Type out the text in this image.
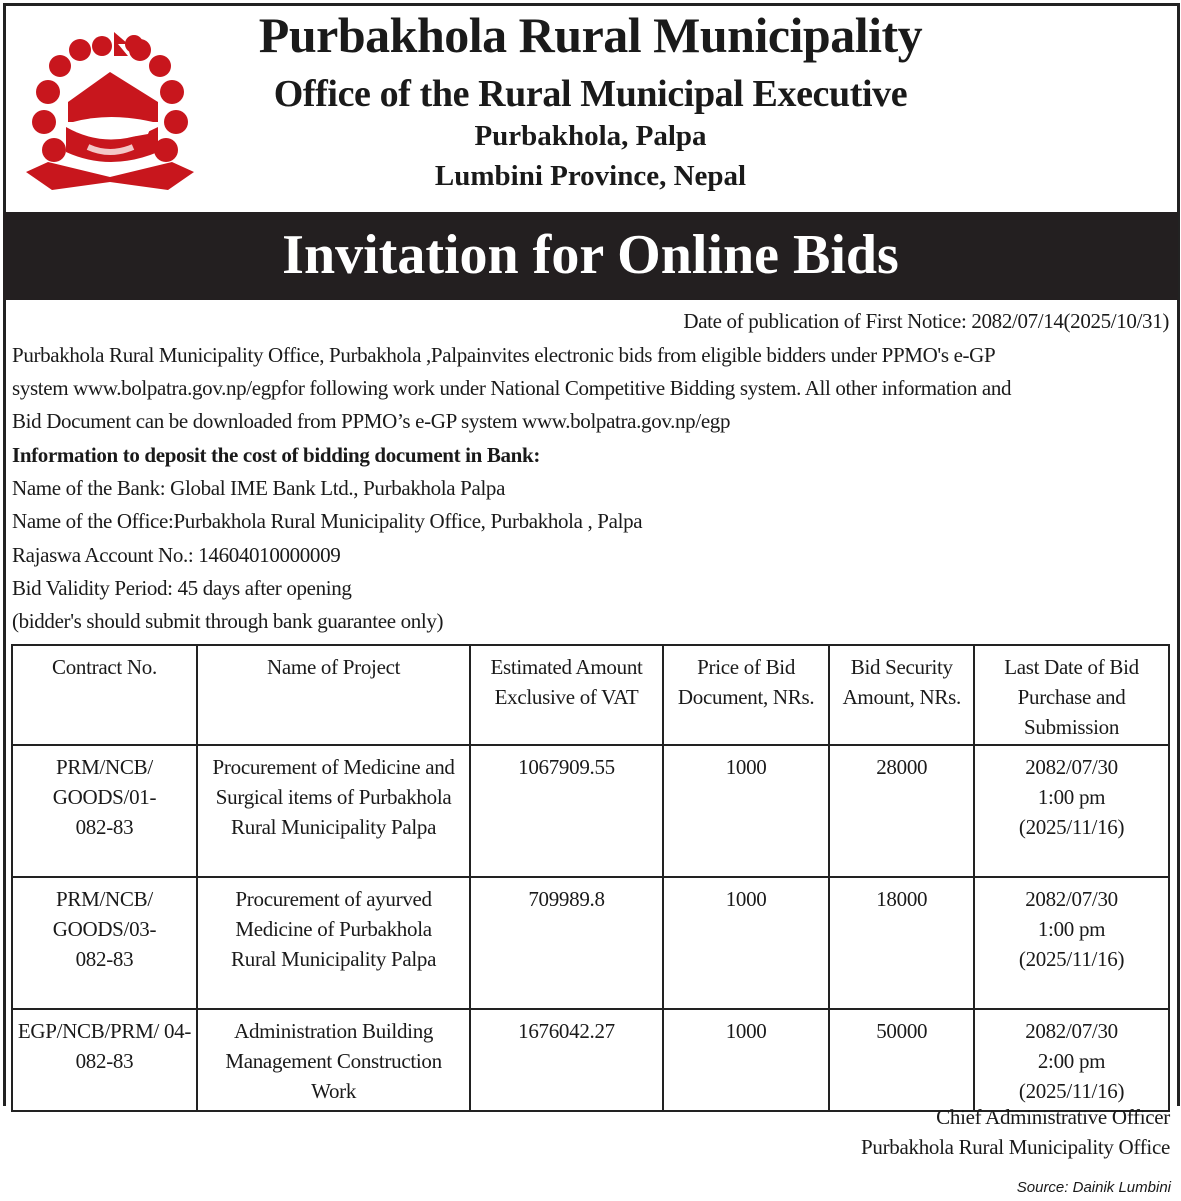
Purbakhola Rural Municipality
Office of the Rural Municipal Executive
Purbakhola, Palpa
Lumbini Province, Nepal
Invitation for Online Bids
Date of publication of First Notice: 2082/07/14(2025/10/31)
Purbakhola Rural Municipality Office, Purbakhola ,Palpainvites electronic bids from eligible bidders under PPMO's e-GP
system www.bolpatra.gov.np/egpfor following work under National Competitive Bidding system. All other information and
Bid Document can be downloaded from PPMO’s e-GP system www.bolpatra.gov.np/egp
Information to deposit the cost of bidding document in Bank:
Name of the Bank: Global IME Bank Ltd., Purbakhola Palpa
Name of the Office:Purbakhola Rural Municipality Office, Purbakhola , Palpa
Rajaswa Account No.: 14604010000009
Bid Validity Period: 45 days after opening
(bidder's should submit through bank guarantee only)
Contract No.	Name of Project	Estimated Amount Exclusive of VAT	Price of Bid Document, NRs.	Bid Security Amount, NRs.	Last Date of Bid Purchase and Submission
PRM/NCB/ GOODS/01- 082-83	Procurement of Medicine and Surgical items of Purbakhola Rural Municipality Palpa	1067909.55	1000	28000	2082/07/30 1:00 pm (2025/11/16)
PRM/NCB/ GOODS/03- 082-83	Procurement of ayurved Medicine of Purbakhola Rural Municipality Palpa	709989.8	1000	18000	2082/07/30 1:00 pm (2025/11/16)
EGP/NCB/PRM/ 04-082-83	Administration Building Management Construction Work	1676042.27	1000	50000	2082/07/30 2:00 pm (2025/11/16)
Chief Administrative Officer
Purbakhola Rural Municipality Office
Source: Dainik Lumbini
